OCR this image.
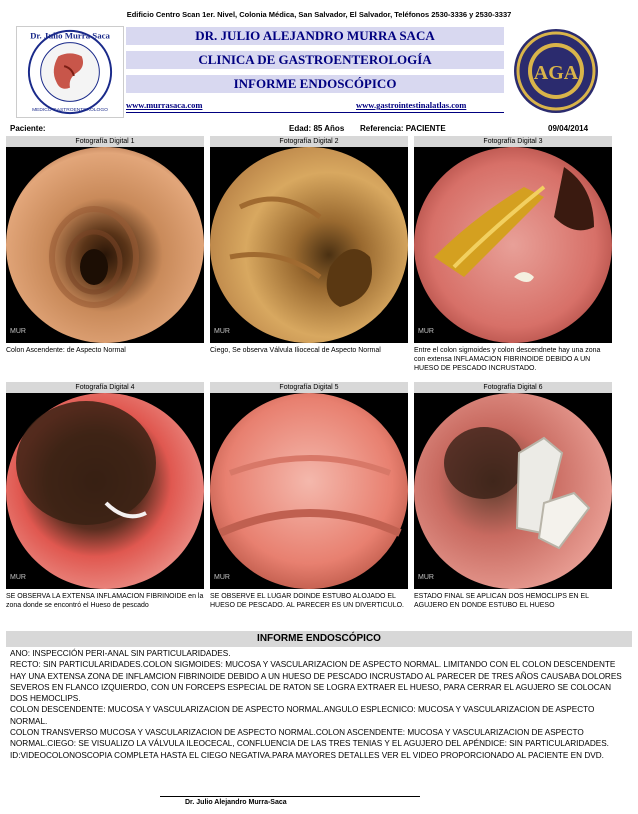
Edificio Centro Scan 1er. Nivel, Colonia Médica, San Salvador, El Salvador, Teléfonos 2530-3336 y 2530-3337
Dr. Julio Murra Saca
MEDICO GASTROENTEROLOGO
DR. JULIO ALEJANDRO MURRA SACA
CLINICA DE GASTROENTEROLOGÍA
INFORME ENDOSCÓPICO	AGA
www.murrasaca.com	www.gastrointestinalatlas.com
Paciente:	Edad: 85 Años Referencia: PACIENTE	09/04/2014
Fotografía Digital 1
MUR
Colon Ascendente: de Aspecto Normal
Fotografía Digital 2
MUR
Ciego, Se observa Válvula Iliocecal de Aspecto Normal
Fotografía Digital 3
MUR
Entre el colon sigmoides y colon descendnete hay una zona con extensa INFLAMACION FIBRINOIDE DEBIDO A UN HUESO DE PESCADO INCRUSTADO.
Fotografía Digital 4
MUR
SE OBSERVA LA EXTENSA INFLAMACION FIBRINOIDE en la zona donde se encontró el Hueso de pescado
Fotografía Digital 5
MUR
SE OBSERVE EL LUGAR DOINDE ESTUBO ALOJADO EL HUESO DE PESCADO. AL PARECER ES UN DIVERTICULO.
Fotografía Digital 6
MUR
ESTADO FINAL SE APLICAN DOS HEMOCLIPS EN EL AGUJERO EN DONDE ESTUBO EL HUESO
INFORME ENDOSCÓPICO
ANO: INSPECCIÓN PERI-ANAL SIN PARTICULARIDADES.
RECTO: SIN PARTICULARIDADES.COLON SIGMOIDES: MUCOSA Y VASCULARIZACION DE ASPECTO NORMAL. LIMITANDO CON EL COLON DESCENDENTE HAY UNA EXTENSA ZONA DE INFLAMCION FIBRINOIDE DEBIDO A UN HUESO DE PESCADO INCRUSTADO AL PARECER DE TRES AÑOS CAUSABA DOLORES SEVEROS EN FLANCO IZQUIERDO, CON UN FORCEPS ESPECIAL DE RATON SE LOGRA EXTRAER EL HUESO, PARA CERRAR EL AGUJERO SE COLOCAN DOS HEMOCLIPS.
COLON DESCENDENTE: MUCOSA Y VASCULARIZACION DE ASPECTO NORMAL.ANGULO ESPLECNICO: MUCOSA Y VASCULARIZACION DE ASPECTO NORMAL.
COLON TRANSVERSO MUCOSA Y VASCULARIZACION DE ASPECTO NORMAL.COLON ASCENDENTE: MUCOSA Y VASCULARIZACION DE ASPECTO NORMAL.CIEGO: SE VISUALIZO LA VÁLVULA ILEOCECAL, CONFLUENCIA DE LAS TRES TENIAS Y EL AGUJERO DEL APÉNDICE: SIN PARTICULARIDADES.
ID:VIDEOCOLONOSCOPIA COMPLETA HASTA EL CIEGO NEGATIVA.PARA MAYORES DETALLES VER EL VIDEO PROPORCIONADO AL PACIENTE EN DVD.
Dr. Julio Alejandro Murra-Saca
